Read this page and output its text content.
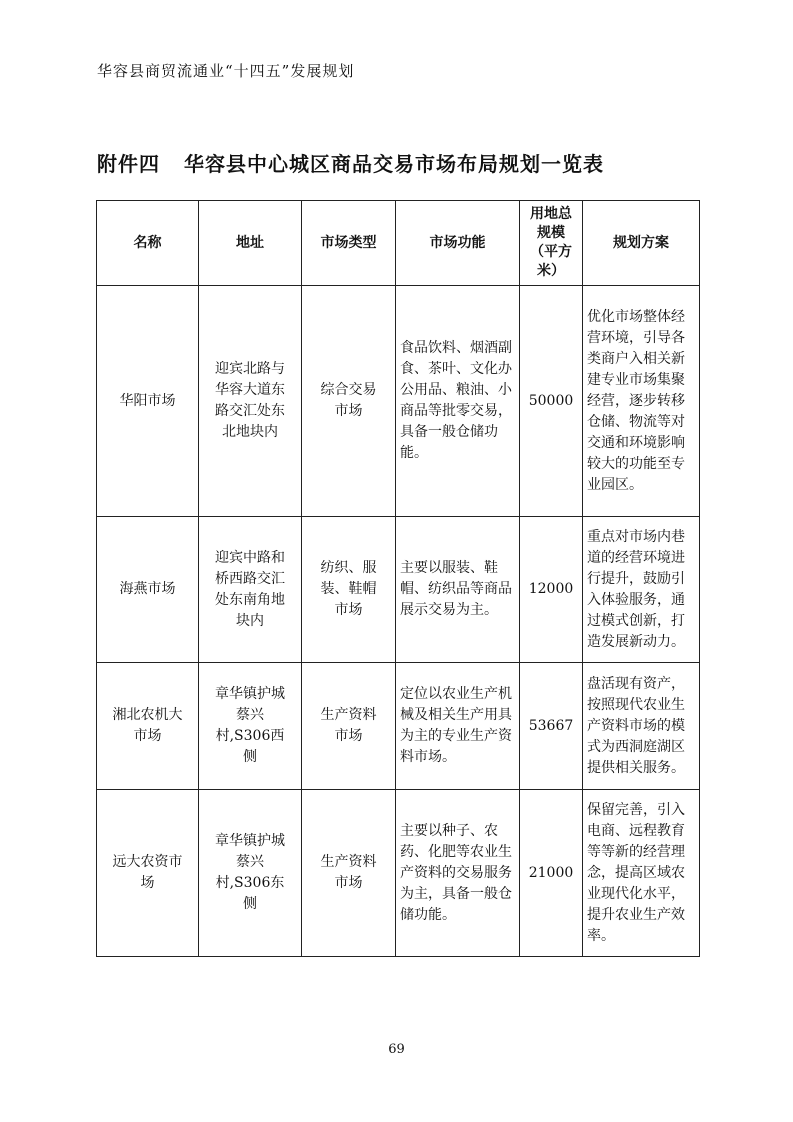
华容县商贸流通业“十四五”发展规划
附件四 华容县中心城区商品交易市场布局规划一览表
名称	地址	市场类型	市场功能	用地总规模（平方米）	规划方案
华阳市场	迎宾北路与华容大道东路交汇处东北地块内	综合交易市场	食品饮料、烟酒副食、茶叶、文化办公用品、粮油、小商品等批零交易，具备一般仓储功能。	50000	优化市场整体经营环境，引导各类商户入相关新建专业市场集聚经营，逐步转移仓储、物流等对交通和环境影响较大的功能至专业园区。
海燕市场	迎宾中路和桥西路交汇处东南角地块内	纺织、服装、鞋帽市场	主要以服装、鞋帽、纺织品等商品展示交易为主。	12000	重点对市场内巷道的经营环境进行提升，鼓励引入体验服务，通过模式创新，打造发展新动力。
湘北农机大市场	章华镇护城蔡兴村,S306西侧	生产资料市场	定位以农业生产机械及相关生产用具为主的专业生产资料市场。	53667	盘活现有资产，按照现代农业生产资料市场的模式为西洞庭湖区提供相关服务。
远大农资市场	章华镇护城蔡兴村,S306东侧	生产资料市场	主要以种子、农药、化肥等农业生产资料的交易服务为主，具备一般仓储功能。	21000	保留完善，引入电商、远程教育等等新的经营理念，提高区域农业现代化水平，提升农业生产效率。
69
